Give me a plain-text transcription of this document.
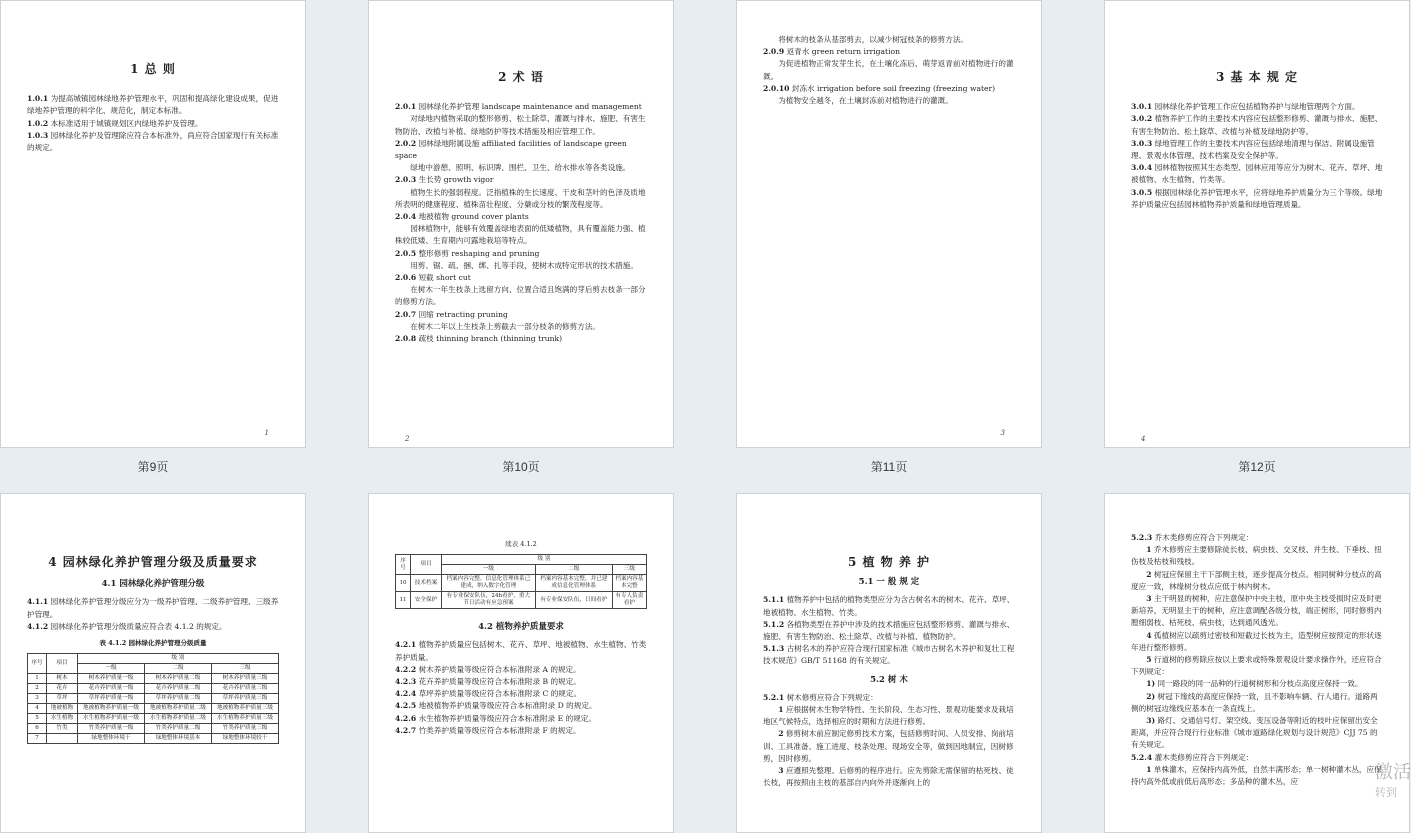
1 总 则

1.0.1 为提高城镇园林绿地养护管理水平，巩固和提高绿化建设成果，促进绿地养护管理的科学化、规范化，制定本标准。

1.0.2 本标准适用于城镇规划区内绿地养护及管理。

1.0.3 园林绿化养护及管理除应符合本标准外，尚应符合国家现行有关标准的规定。

1
第9页
2 术 语

2.0.1 园林绿化养护管理 landscape maintenance and management

对绿地内植物采取的整形修剪、松土除草、灌溉与排水、施肥、有害生物防治、改植与补植、绿地防护等技术措施及相应管理工作。

2.0.2 园林绿地附属设施 affiliated facilities of landscape green space

绿地中游憩、照明、标识牌、围栏、卫生、给水排水等各类设施。

2.0.3 生长势 growth vigor

植物生长的强弱程度。泛指植株的生长速度、干皮和茎叶的色泽及质地所表明的健康程度、植株苗壮程度、分蘖或分枝的繁茂程度等。

2.0.4 地被植物 ground cover plants

园林植物中，能够有效覆盖绿地表面的低矮植物，具有覆盖能力强、植株较低矮、生育期内可露地栽培等特点。

2.0.5 整形修剪 reshaping and pruning

用剪、锯、疏、捆、绑、扎等手段，使树木成特定形状的技术措施。

2.0.6 短截 short cut

在树木一年生枝条上选留方向、位置合适且饱满的芽后剪去枝条一部分的修剪方法。

2.0.7 回缩 retracting pruning

在树木二年以上生枝条上剪截去一部分枝条的修剪方法。

2.0.8 疏枝 thinning branch (thinning trunk)

2
第10页

将树木的枝条从基部剪去，以减少树冠枝条的修剪方法。

2.0.9 返青水 green return irrigation

为促进植物正常发芽生长，在土壤化冻后、萌芽返青前对植物进行的灌溉。

2.0.10 封冻水 irrigation before soil freezing (freezing water)

为植物安全越冬，在土壤封冻前对植物进行的灌溉。

3
第11页
3 基 本 规 定

3.0.1 园林绿化养护管理工作应包括植物养护与绿地管理两个方面。

3.0.2 植物养护工作的主要技术内容应包括整形修剪、灌溉与排水、施肥、有害生物防治、松土除草、改植与补植及绿地防护等。

3.0.3 绿地管理工作的主要技术内容应包括绿地清理与保洁、附属设施管理、景观水体管理、技术档案及安全保护等。

3.0.4 园林植物按照其生态类型、园林应用等应分为树木、花卉、草坪、地被植物、水生植物、竹类等。

3.0.5 根据园林绿化养护管理水平，应将绿地养护质量分为三个等级。绿地养护质量应包括园林植物养护质量和绿地管理质量。

4
第12页
4 园林绿化养护管理分级及质量要求
4.1 园林绿化养护管理分级

4.1.1 园林绿化养护管理分级应分为一级养护管理、二级养护管理、三级养护管理。

4.1.2 园林绿化养护管理分级质量应符合表 4.1.2 的规定。

表 4.1.2 园林绿化养护管理分级质量
序号	项目	级 别		
		一级	二级	三级
1	树木	树木养护质量一级	树木养护质量二级	树木养护质量三级
2	花卉	花卉养护质量一级	花卉养护质量二级	花卉养护质量三级
3	草坪	草坪养护质量一级	草坪养护质量二级	草坪养护质量三级
4	地被植物	地被植物养护质量一级	地被植物养护质量二级	地被植物养护质量三级
5	水生植物	水生植物养护质量一级	水生植物养护质量二级	水生植物养护质量三级
6	竹类	竹类养护质量一级	竹类养护质量二级	竹类养护质量三级
7		绿地整体环境干	绿地整体环境基本	绿地整体环境较干
续表 4.1.2
序号	项目	级 别		
		一级	二级	三级
10	技术档案	档案内容完整，信息化管理体系已建成，纳入数字化管理	档案内容基本完整，并已建成信息化管理体系	档案内容基本完整
11	安全保护	有专业保安队伍，24h看护，重大节日活动有应急预案	有专业保安队伍，日间看护	有专人负责看护
4.2 植物养护质量要求

4.2.1 植物养护质量应包括树木、花卉、草坪、地被植物、水生植物、竹类养护质量。

4.2.2 树木养护质量等级应符合本标准附录 A 的规定。

4.2.3 花卉养护质量等级应符合本标准附录 B 的规定。

4.2.4 草坪养护质量等级应符合本标准附录 C 的规定。

4.2.5 地被植物养护质量等级应符合本标准附录 D 的规定。

4.2.6 水生植物养护质量等级应符合本标准附录 E 的规定。

4.2.7 竹类养护质量等级应符合本标准附录 F 的规定。

5 植 物 养 护
5.1 一 般 规 定

5.1.1 植物养护中包括的植物类型应分为含古树名木的树木、花卉、草坪、地被植物、水生植物、竹类。

5.1.2 各植物类型在养护中涉及的技术措施应包括整形修剪、灌溉与排水、施肥、有害生物防治、松土除草、改植与补植、植物防护。

5.1.3 古树名木的养护应符合现行国家标准《城市古树名木养护和复壮工程技术规范》GB/T 51168 的有关规定。

5.2 树 木

5.2.1 树木修剪应符合下列规定：

1 应根据树木生物学特性、生长阶段、生态习性、景观功能要求及栽培地区气候特点，选择相应的时期和方法进行修剪。

2 修剪树木前应制定修剪技术方案，包括修剪时间、人员安排、岗前培训、工具准备、施工进度、枝条处理、现场安全等，做到因地制宜，因树修剪，因时修剪。

3 应遵照先整理、后修剪的程序进行。应先剪除无需保留的枯死枝、徒长枝，再按照由主枝的基部自内向外并逐渐向上的

5.2.3 乔木类修剪应符合下列规定：

1 乔木修剪应主要修除徒长枝、病虫枝、交叉枝、并生枝、下垂枝、扭伤枝及枯枝和残枝。

2 树冠应保留主干下部侧主枝，逐步提高分枝点。相同树种分枝点的高度应一致，林缘树分枝点应低于林内树木。

3 主干明显的树种，应注意保护中央主枝，原中央主枝受损时应及时更新培养，无明显主干的树种，应注意调配各级分枝，端正树形，同时修剪内膛细弱枝、枯死枝、病虫枝，达到通风透光。

4 孤植树应以疏剪过密枝和短截过长枝为主，造型树应按预定的形状逐年进行整形修剪。

5 行道树的修剪除应按以上要求或特殊景观设计要求操作外，还应符合下列规定：

1) 同一路段的同一品种的行道树树形和分枝点高度应保持一致。

2) 树冠下缘线的高度应保持一致，且不影响车辆、行人通行。道路两侧的树冠边缘线应基本在一条直线上。

3) 路灯、交通信号灯、架空线、变压设备等附近的枝叶应保留出安全距离，并应符合现行行业标准《城市道路绿化规划与设计规范》CJJ 75 的有关规定。

5.2.4 灌木类修剪应符合下列规定：

1 单株灌木，应保持内高外低，自然丰满形态；单一树种灌木丛，应保持内高外低或前低后高形态；多品种的灌木丛，应	激活
转到
